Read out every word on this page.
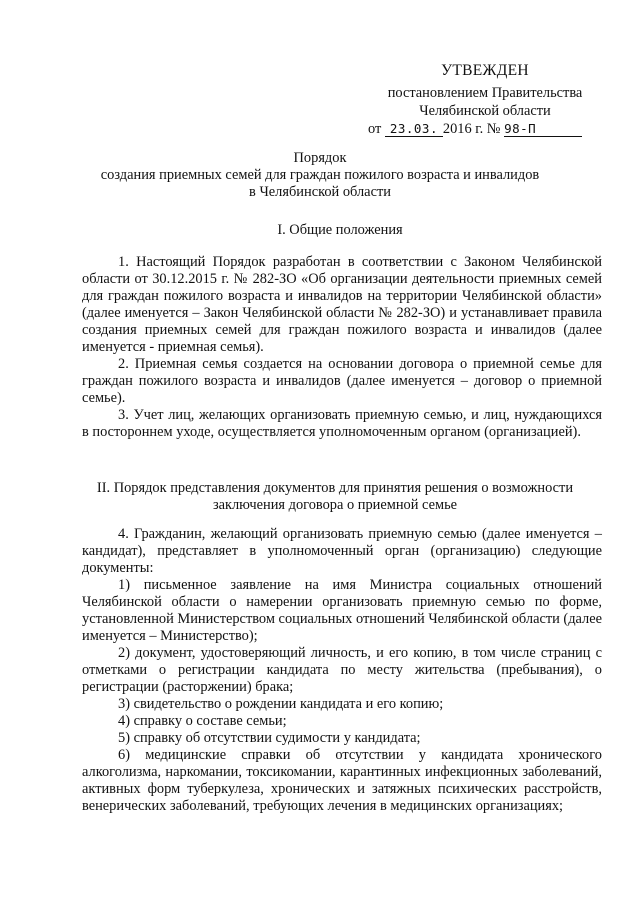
УТВЕЖДЕН
постановлением Правительства
Челябинской области
от 23.03. 2016 г. № 98-П
Порядок
создания приемных семей для граждан пожилого возраста и инвалидов в Челябинской области
I. Общие положения

1. Настоящий Порядок разработан в соответствии с Законом Челябинской области от 30.12.2015 г. № 282-ЗО «Об организации деятельности приемных семей для граждан пожилого возраста и инвалидов на территории Челябинской области» (далее именуется – Закон Челябинской области № 282-ЗО) и устанавливает правила создания приемных семей для граждан пожилого возраста и инвалидов (далее именуется - приемная семья).

2. Приемная семья создается на основании договора о приемной семье для граждан пожилого возраста и инвалидов (далее именуется – договор о приемной семье).

3. Учет лиц, желающих организовать приемную семью, и лиц, нуждающихся в постороннем уходе, осуществляется уполномоченным органом (организацией).

II. Порядок представления документов для принятия решения о возможности заключения договора о приемной семье

4. Гражданин, желающий организовать приемную семью (далее именуется – кандидат), представляет в уполномоченный орган (организацию) следующие документы:

1) письменное заявление на имя Министра социальных отношений Челябинской области о намерении организовать приемную семью по форме, установленной Министерством социальных отношений Челябинской области (далее именуется – Министерство);

2) документ, удостоверяющий личность, и его копию, в том числе страниц с отметками о регистрации кандидата по месту жительства (пребывания), о регистрации (расторжении) брака;

3) свидетельство о рождении кандидата и его копию;

4) справку о составе семьи;

5) справку об отсутствии судимости у кандидата;

6) медицинские справки об отсутствии у кандидата хронического алкоголизма, наркомании, токсикомании, карантинных инфекционных заболеваний, активных форм туберкулеза, хронических и затяжных психических расстройств, венерических заболеваний, требующих лечения в медицинских организациях;
